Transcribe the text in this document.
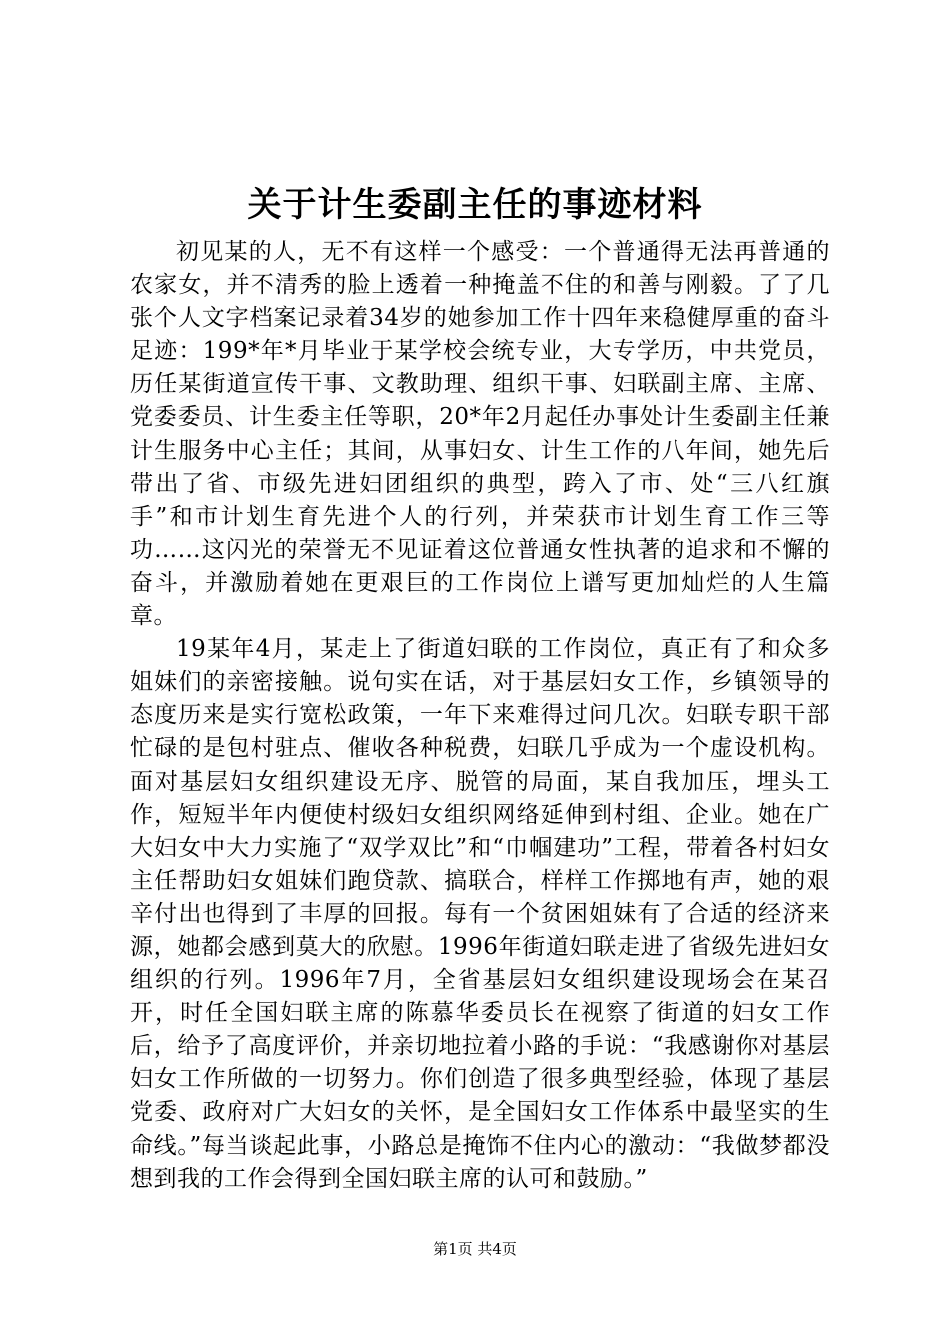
关于计生委副主任的事迹材料

初见某的人，无不有这样一个感受：一个普通得无法再普通的农家女，并不清秀的脸上透着一种掩盖不住的和善与刚毅。了了几张个人文字档案记录着34岁的她参加工作十四年来稳健厚重的奋斗足迹：199*年*月毕业于某学校会统专业，大专学历，中共党员，历任某街道宣传干事、文教助理、组织干事、妇联副主席、主席、党委委员、计生委主任等职，20*年2月起任办事处计生委副主任兼计生服务中心主任；其间，从事妇女、计生工作的八年间，她先后带出了省、市级先进妇团组织的典型，跨入了市、处“三八红旗手”和市计划生育先进个人的行列，并荣获市计划生育工作三等功……这闪光的荣誉无不见证着这位普通女性执著的追求和不懈的奋斗，并激励着她在更艰巨的工作岗位上谱写更加灿烂的人生篇章。

19某年4月，某走上了街道妇联的工作岗位，真正有了和众多姐妹们的亲密接触。说句实在话，对于基层妇女工作，乡镇领导的态度历来是实行宽松政策，一年下来难得过问几次。妇联专职干部忙碌的是包村驻点、催收各种税费，妇联几乎成为一个虚设机构。面对基层妇女组织建设无序、脱管的局面，某自我加压，埋头工作，短短半年内便使村级妇女组织网络延伸到村组、企业。她在广大妇女中大力实施了“双学双比”和“巾帼建功”工程，带着各村妇女主任帮助妇女姐妹们跑贷款、搞联合，样样工作掷地有声，她的艰辛付出也得到了丰厚的回报。每有一个贫困姐妹有了合适的经济来源，她都会感到莫大的欣慰。1996年街道妇联走进了省级先进妇女组织的行列。1996年7月，全省基层妇女组织建设现场会在某召开，时任全国妇联主席的陈慕华委员长在视察了街道的妇女工作后，给予了高度评价，并亲切地拉着小路的手说：“我感谢你对基层妇女工作所做的一切努力。你们创造了很多典型经验，体现了基层党委、政府对广大妇女的关怀，是全国妇女工作体系中最坚实的生命线。”每当谈起此事，小路总是掩饰不住内心的激动：“我做梦都没想到我的工作会得到全国妇联主席的认可和鼓励。”

第1页 共4页
